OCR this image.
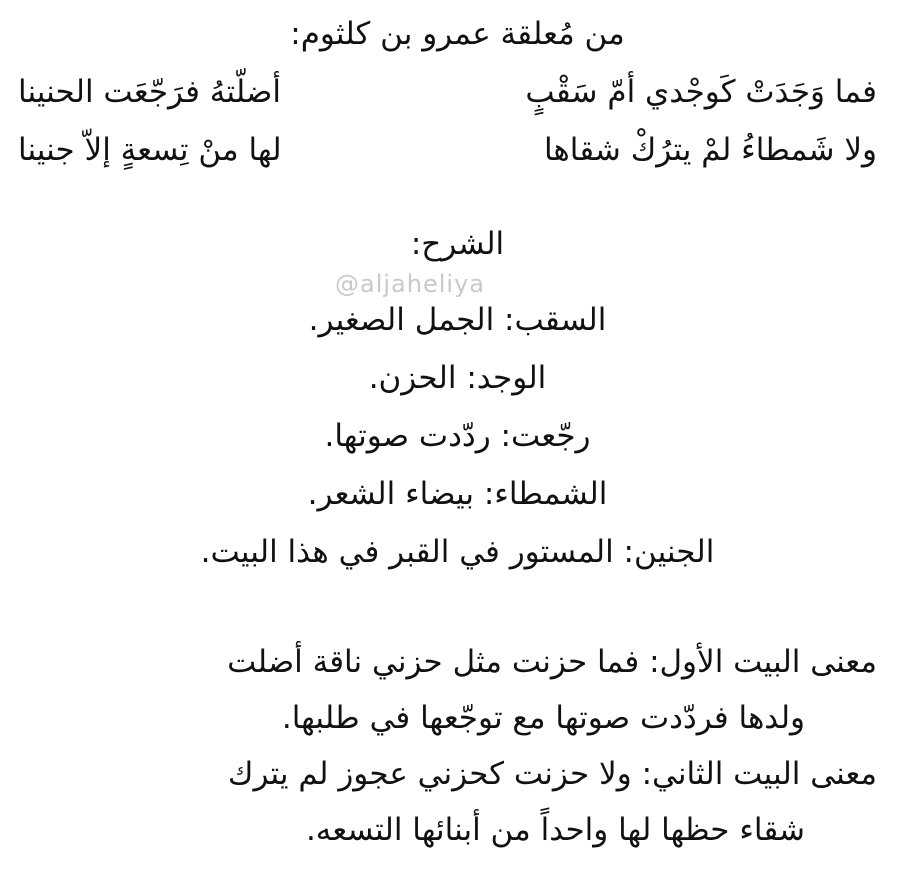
من مُعلقة عمرو بن كلثوم:
فما وَجَدَتْ كَوجْدي أمّ سَقْبٍ
أضلّتهُ فرَجّعَت الحنينا
ولا شَمطاءُ لمْ يترُكْ شقاها
لها منْ تِسعةٍ إلاّ جنينا
الشرح:
@aljaheliya
السقب: الجمل الصغير.
الوجد: الحزن.
رجّعت: ردّدت صوتها.
الشمطاء: بيضاء الشعر.
الجنين: المستور في القبر في هذا البيت.
معنى البيت الأول: فما حزنت مثل حزني ناقة أضلت
ولدها فردّدت صوتها مع توجّعها في طلبها.
معنى البيت الثاني: ولا حزنت كحزني عجوز لم يترك
شقاء حظها لها واحداً من أبنائها التسعه.
